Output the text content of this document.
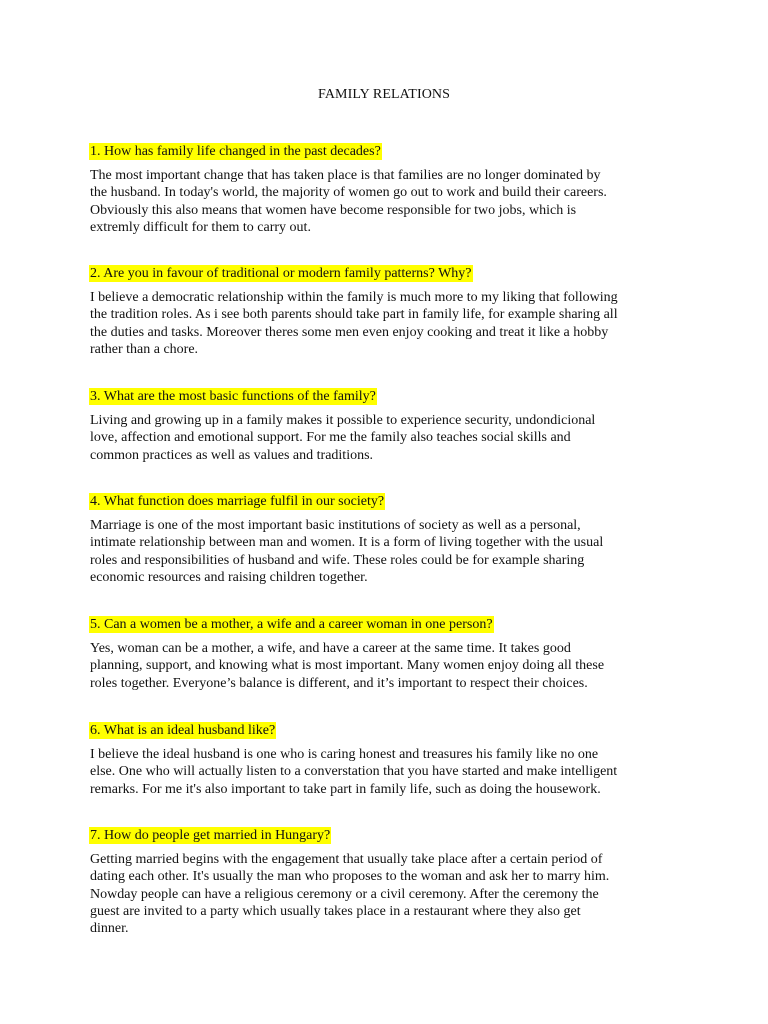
FAMILY RELATIONS
1. How has family life changed in the past decades?
The most important change that has taken place is that families are no longer dominated by
the husband. In today's world, the majority of women go out to work and build their careers.
Obviously this also means that women have become responsible for two jobs, which is
extremly difficult for them to carry out.
2. Are you in favour of traditional or modern family patterns? Why?
I believe a democratic relationship within the family is much more to my liking that following
the tradition roles. As i see both parents should take part in family life, for example sharing all
the duties and tasks. Moreover theres some men even enjoy cooking and treat it like a hobby
rather than a chore.
3. What are the most basic functions of the family?
Living and growing up in a family makes it possible to experience security, undondicional
love, affection and emotional support. For me the family also teaches social skills and
common practices as well as values and traditions.
4. What function does marriage fulfil in our society?
Marriage is one of the most important basic institutions of society as well as a personal,
intimate relationship between man and women. It is a form of living together with the usual
roles and responsibilities of husband and wife. These roles could be for example sharing
economic resources and raising children together.
5. Can a women be a mother, a wife and a career woman in one person?
Yes, woman can be a mother, a wife, and have a career at the same time. It takes good
planning, support, and knowing what is most important. Many women enjoy doing all these
roles together. Everyone’s balance is different, and it’s important to respect their choices.
6. What is an ideal husband like?
I believe the ideal husband is one who is caring honest and treasures his family like no one
else. One who will actually listen to a converstation that you have started and make intelligent
remarks. For me it's also important to take part in family life, such as doing the housework.
7. How do people get married in Hungary?
Getting married begins with the engagement that usually take place after a certain period of
dating each other. It's usually the man who proposes to the woman and ask her to marry him.
Nowday people can have a religious ceremony or a civil ceremony. After the ceremony the
guest are invited to a party which usually takes place in a restaurant where they also get
dinner.
